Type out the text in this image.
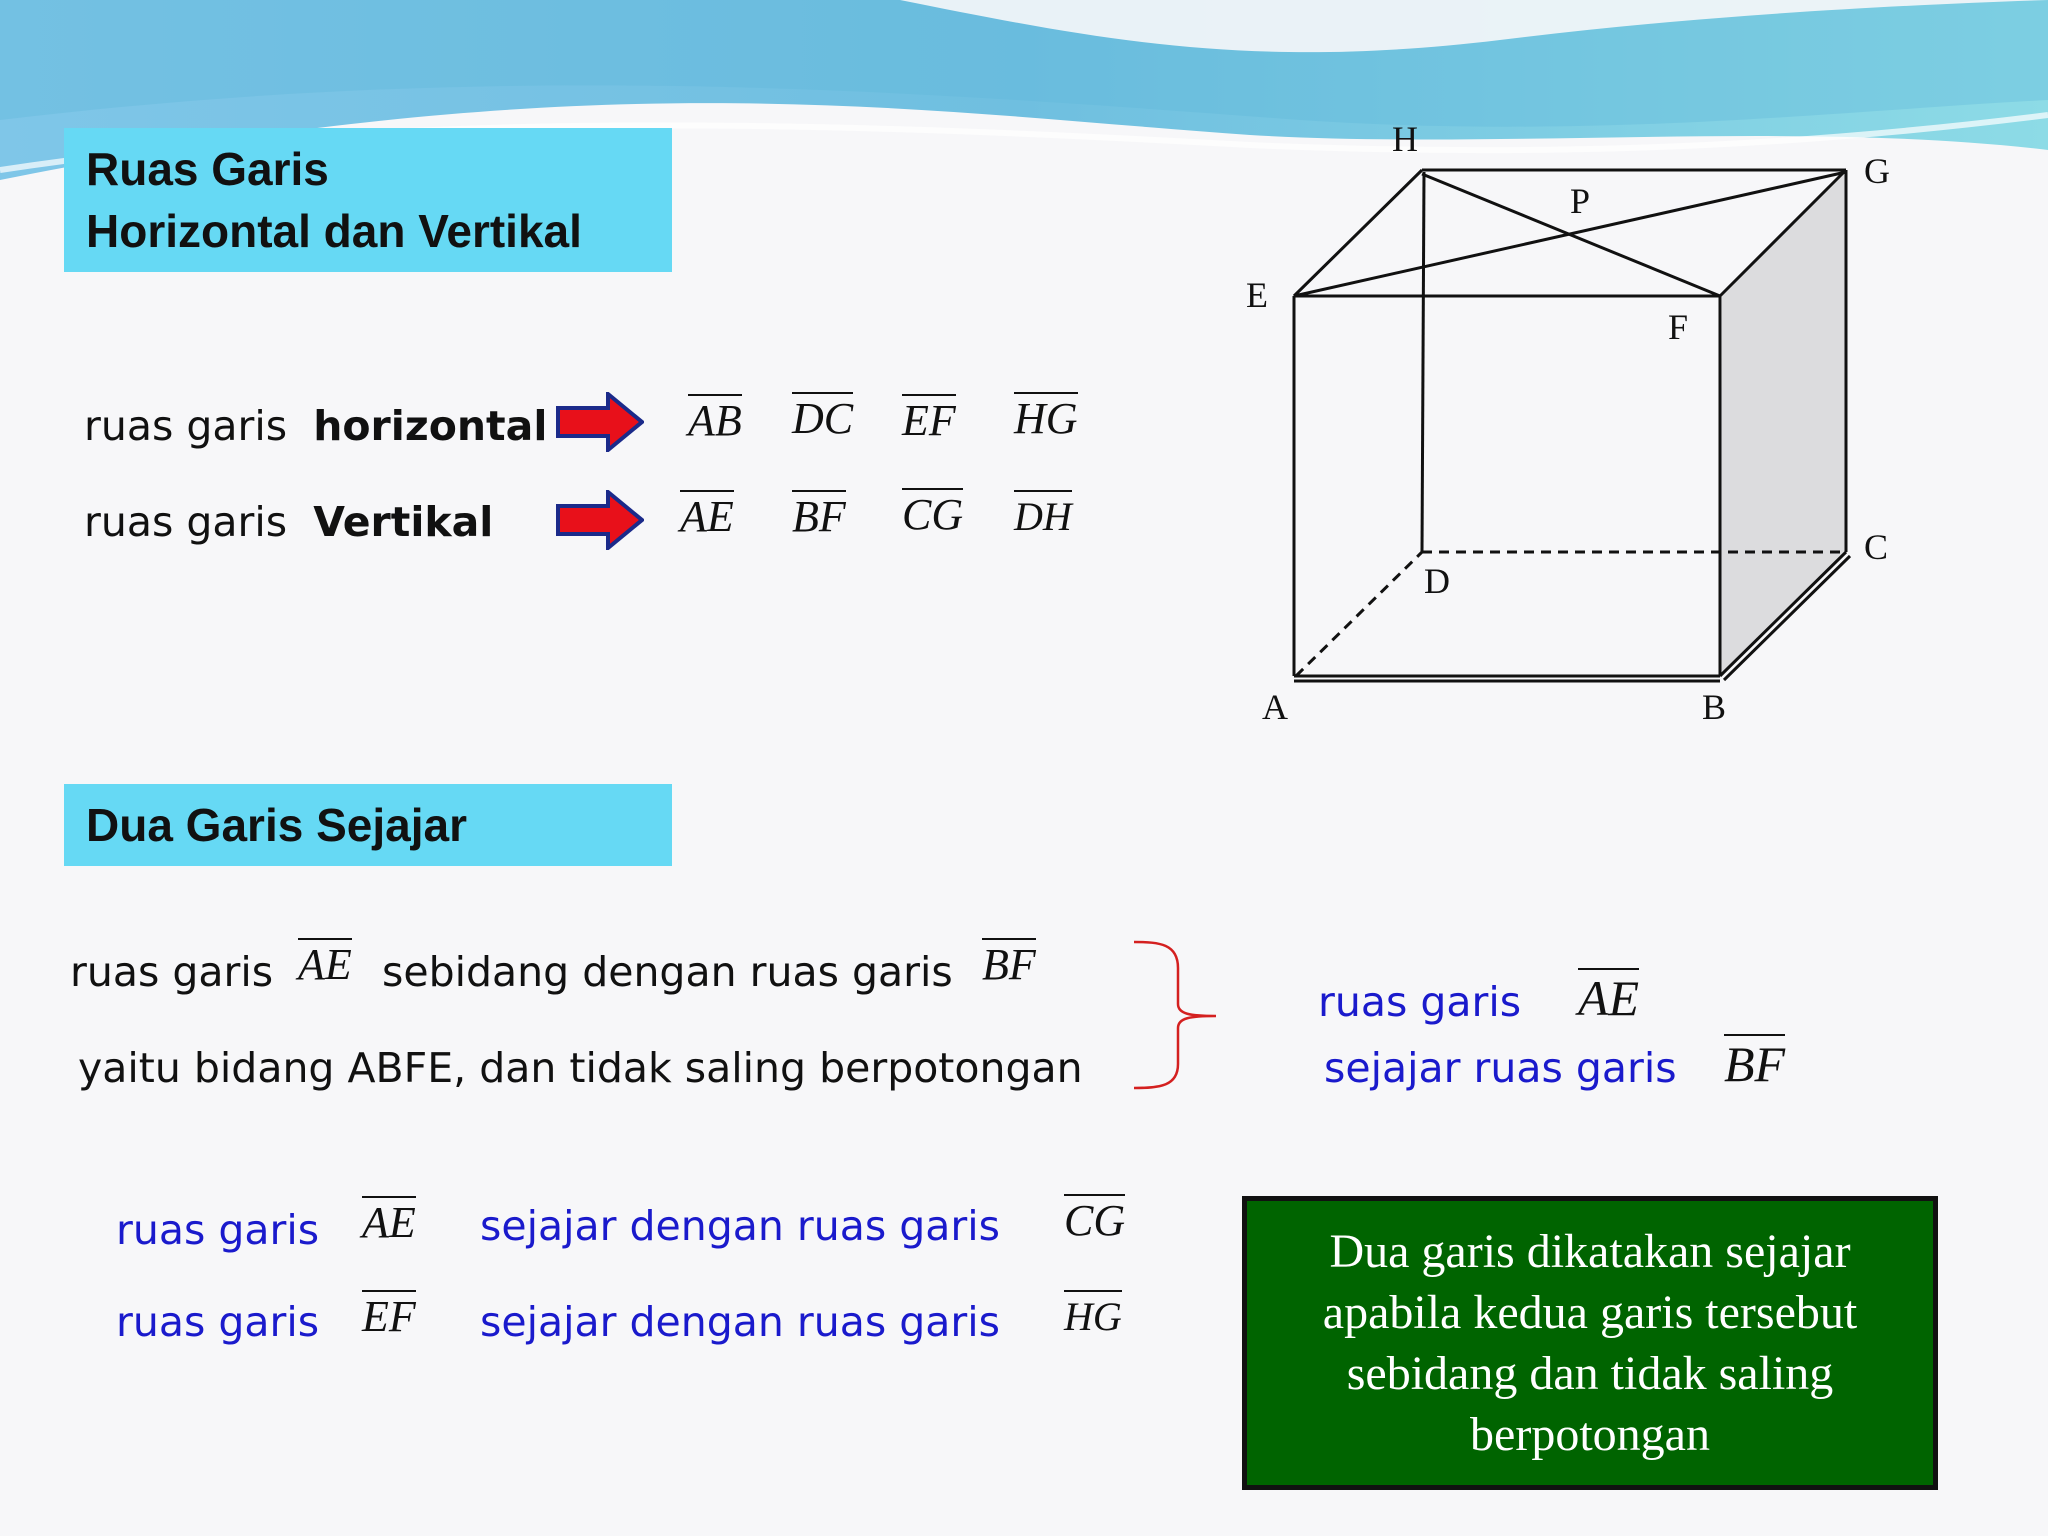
Ruas Garis
Horizontal dan Vertikal
ruas garis horizontal	AB DC EF HG
ruas garis Vertikal	AE BF CG DH
H
G
P
E
F
D
C
A	B
Dua Garis Sejajar
ruas garis AE sebidang dengan ruas garis BF
yaitu bidang ABFE, dan tidak saling berpotongan
ruas garis AE
sejajar ruas garis BF
ruas garis AE sejajar dengan ruas garis CG
ruas garis EF sejajar dengan ruas garis HG
Dua garis dikatakan sejajar apabila kedua garis tersebut sebidang dan tidak saling berpotongan
